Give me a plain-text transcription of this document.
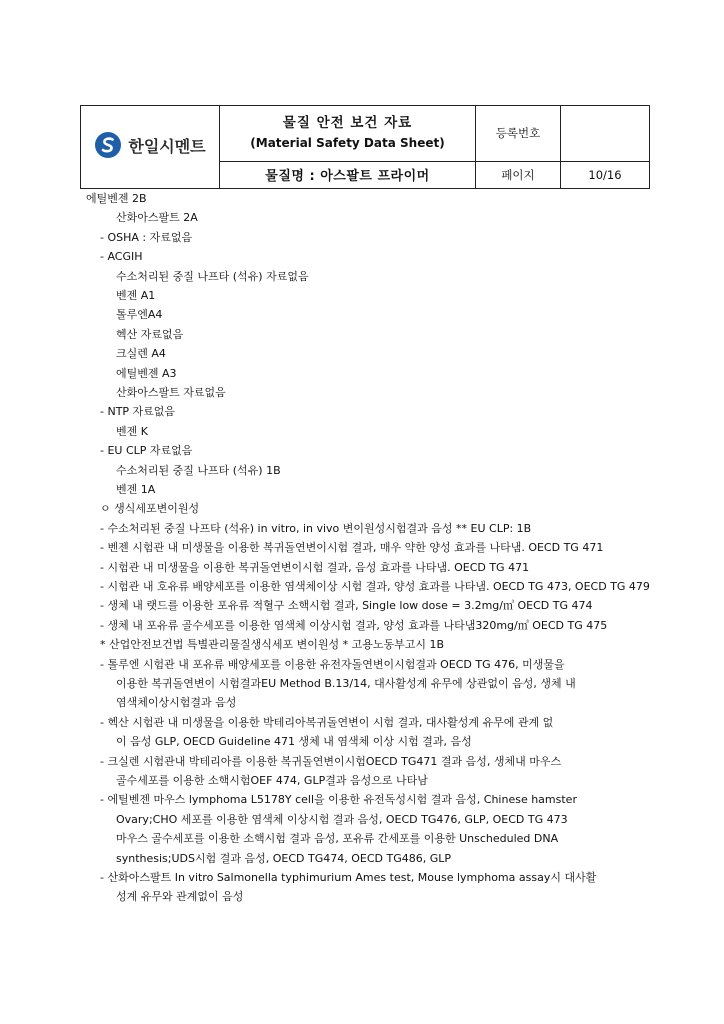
한일시멘트	물질 안전 보건 자료
(Material Safety Data Sheet)	등록번호	
	물질명 : 아스팔트 프라이머	페이지	10/16
에틸벤젠 2B
산화아스팔트 2A
- OSHA : 자료없음
- ACGIH
수소처리된 중질 나프타 (석유) 자료없음
벤젠 A1
톨루엔A4
헥산 자료없음
크실렌 A4
에틸벤젠 A3
산화아스팔트 자료없음
- NTP 자료없음
벤젠 K
- EU CLP 자료없음
수소처리된 중질 나프타 (석유) 1B
벤젠 1A
ㅇ 생식세포변이원성
- 수소처리된 중질 나프타 (석유) in vitro, in vivo 변이원성시험결과 음성 ** EU CLP: 1B
- 벤젠 시험관 내 미생물을 이용한 복귀돌연변이시험 결과, 매우 약한 양성 효과를 나타냄. OECD TG 471
- 시험관 내 미생물을 이용한 복귀돌연변이시험 결과, 음성 효과를 나타냄. OECD TG 471
- 시험관 내 호유류 배양세포를 이용한 염색체이상 시험 결과, 양성 효과를 나타냄. OECD TG 473, OECD TG 479
- 생체 내 랫드를 이용한 포유류 적혈구 소핵시험 결과, Single low dose = 3.2mg/㎥ OECD TG 474
- 생체 내 포유류 골수세포를 이용한 염색체 이상시험 결과, 양성 효과를 나타냄320mg/㎥ OECD TG 475
* 산업안전보건법 특별관리물질생식세포 변이원성 * 고용노동부고시 1B
- 톨루엔 시험관 내 포유류 배양세포를 이용한 유전자돌연변이시험결과 OECD TG 476, 미생물을
이용한 복귀돌연변이 시험결과EU Method B.13/14, 대사활성계 유무에 상관없이 음성, 생체 내
염색체이상시험결과 음성
- 헥산 시험관 내 미생물을 이용한 박테리아복귀돌연변이 시험 결과, 대사활성계 유무에 관계 없
이 음성 GLP, OECD Guideline 471 생체 내 염색체 이상 시험 결과, 음성
- 크실렌 시험관내 박테리아를 이용한 복귀돌연변이시험OECD TG471 결과 음성, 생체내 마우스
골수세포를 이용한 소핵시험OEF 474, GLP결과 음성으로 나타남
- 에틸벤젠 마우스 lymphoma L5178Y cell을 이용한 유전독성시험 결과 음성, Chinese hamster
Ovary;CHO 세포를 이용한 염색체 이상시험 결과 음성, OECD TG476, GLP, OECD TG 473
마우스 골수세포를 이용한 소핵시험 결과 음성, 포유류 간세포를 이용한 Unscheduled DNA
synthesis;UDS시험 결과 음성, OECD TG474, OECD TG486, GLP
- 산화아스팔트 In vitro Salmonella typhimurium Ames test, Mouse lymphoma assay시 대사활
성계 유무와 관계없이 음성
